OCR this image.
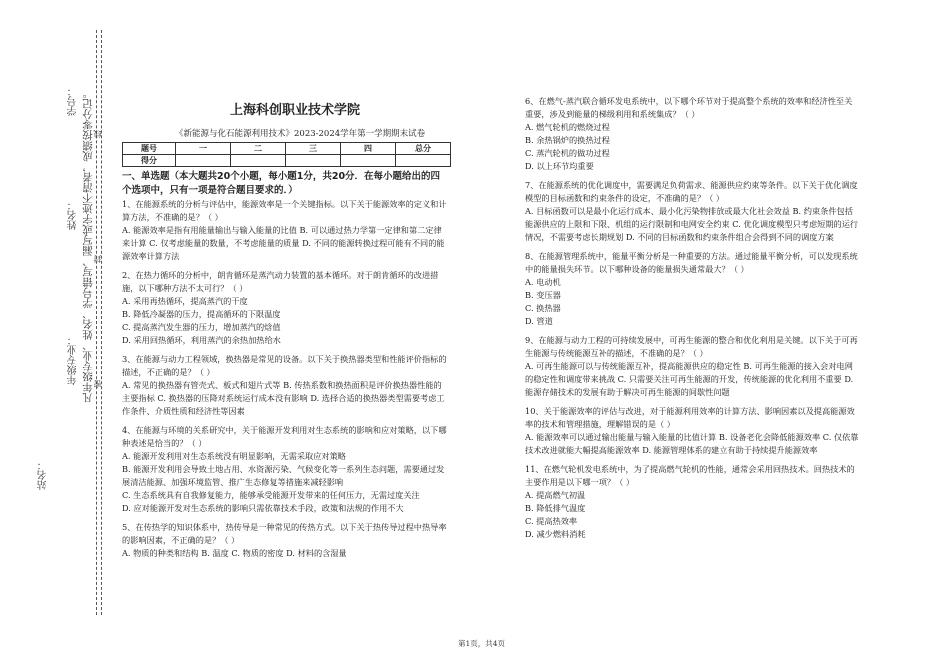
学号：
姓名：
年级专业： 凡年级专业、姓名、学号错写、漏写或字迹不清者，成绩按零分记。 线
封
密
站名：
上海科创职业技术学院
《新能源与化石能源利用技术》2023-2024学年第一学期期末试卷
题号	一	二	三	四	总分
得分					

一、单选题（本大题共20个小题，每小题1分，共20分．在每小题给出的四个选项中，只有一项是符合题目要求的．）

1、在能源系统的分析与评估中，能源效率是一个关键指标。以下关于能源效率的定义和计算方法，不准确的是？（ ）

A. 能源效率是指有用能量输出与输入能量的比值 B. 可以通过热力学第一定律和第二定律来计算 C. 仅考虑能量的数量，不考虑能量的质量 D. 不同的能源转换过程可能有不同的能源效率计算方法

2、在热力循环的分析中，朗肯循环是蒸汽动力装置的基本循环。对于朗肯循环的改进措施，以下哪种方法不太可行？（ ）

A. 采用再热循环，提高蒸汽的干度

B. 降低冷凝器的压力，提高循环的下限温度

C. 提高蒸汽发生器的压力，增加蒸汽的焓值

D. 采用回热循环，利用蒸汽的余热加热给水

3、在能源与动力工程领域，换热器是常见的设备。以下关于换热器类型和性能评价指标的描述，不正确的是？（ ）

A. 常见的换热器有管壳式、板式和翅片式等 B. 传热系数和换热面积是评价换热器性能的主要指标 C. 换热器的压降对系统运行成本没有影响 D. 选择合适的换热器类型需要考虑工作条件、介质性质和经济性等因素

4、在能源与环境的关系研究中，关于能源开发利用对生态系统的影响和应对策略，以下哪种表述是恰当的？（ ）

A. 能源开发利用对生态系统没有明显影响，无需采取应对策略

B. 能源开发利用会导致土地占用、水资源污染、气候变化等一系列生态问题，需要通过发展清洁能源、加强环境监管、推广生态修复等措施来减轻影响

C. 生态系统具有自我修复能力，能够承受能源开发带来的任何压力，无需过度关注

D. 应对能源开发对生态系统的影响只需依靠技术手段，政策和法规的作用不大

5、在传热学的知识体系中，热传导是一种常见的传热方式。以下关于热传导过程中热导率的影响因素，不正确的是？（ ）

A. 物质的种类和结构 B. 温度 C. 物质的密度 D. 材料的含湿量

6、在燃气-蒸汽联合循环发电系统中，以下哪个环节对于提高整个系统的效率和经济性至关重要，涉及到能量的梯级利用和系统集成？（ ）

A. 燃气轮机的燃烧过程

B. 余热锅炉的换热过程

C. 蒸汽轮机的做功过程

D. 以上环节均重要

7、在能源系统的优化调度中，需要满足负荷需求、能源供应约束等条件。以下关于优化调度模型的目标函数和约束条件的设定，不准确的是？（ ）

A. 目标函数可以是最小化运行成本、最小化污染物排放或最大化社会效益 B. 约束条件包括能源供应的上限和下限、机组的运行限制和电网安全约束 C. 优化调度模型只考虑短期的运行情况，不需要考虑长期规划 D. 不同的目标函数和约束条件组合会得到不同的调度方案

8、在能源管理系统中，能量平衡分析是一种重要的方法。通过能量平衡分析，可以发现系统中的能量损失环节。以下哪种设备的能量损失通常最大？（ ）

A. 电动机

B. 变压器

C. 换热器

D. 管道

9、在能源与动力工程的可持续发展中，可再生能源的整合和优化利用是关键。以下关于可再生能源与传统能源互补的描述，不准确的是？（ ）

A. 可再生能源可以与传统能源互补，提高能源供应的稳定性 B. 可再生能源的接入会对电网的稳定性和调度带来挑战 C. 只需要关注可再生能源的开发，传统能源的优化利用不重要 D. 能源存储技术的发展有助于解决可再生能源的间歇性问题

10、关于能源效率的评估与改进，对于能源利用效率的计算方法、影响因素以及提高能源效率的技术和管理措施，理解错误的是（ ）

A. 能源效率可以通过输出能量与输入能量的比值计算 B. 设备老化会降低能源效率 C. 仅依靠技术改进就能大幅提高能源效率 D. 能源管理体系的建立有助于持续提升能源效率

11、在燃气轮机发电系统中，为了提高燃气轮机的性能，通常会采用回热技术。回热技术的主要作用是以下哪一项？（ ）

A. 提高燃气初温

B. 降低排气温度

C. 提高热效率

D. 减少燃料消耗

第1页，共4页
